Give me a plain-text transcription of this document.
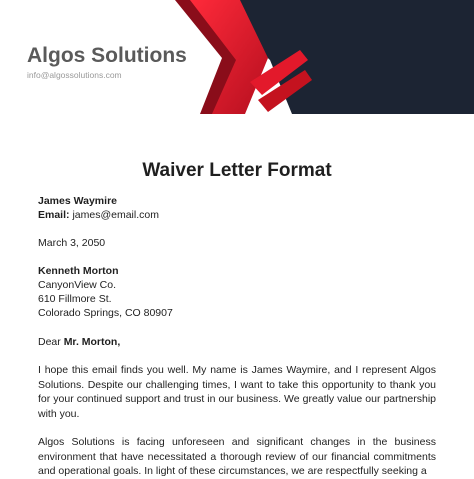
Algos Solutions
info@algossolutions.com
Waiver Letter Format
James Waymire
Email: james@email.com
March 3, 2050
Kenneth Morton
CanyonView Co.
610 Fillmore St.
Colorado Springs, CO 80907
Dear Mr. Morton,
I hope this email finds you well. My name is James Waymire, and I represent Algos Solutions. Despite our challenging times, I want to take this opportunity to thank you for your continued support and trust in our business. We greatly value our partnership with you.
Algos Solutions is facing unforeseen and significant changes in the business environment that have necessitated a thorough review of our financial commitments and operational goals. In light of these circumstances, we are respectfully seeking a
